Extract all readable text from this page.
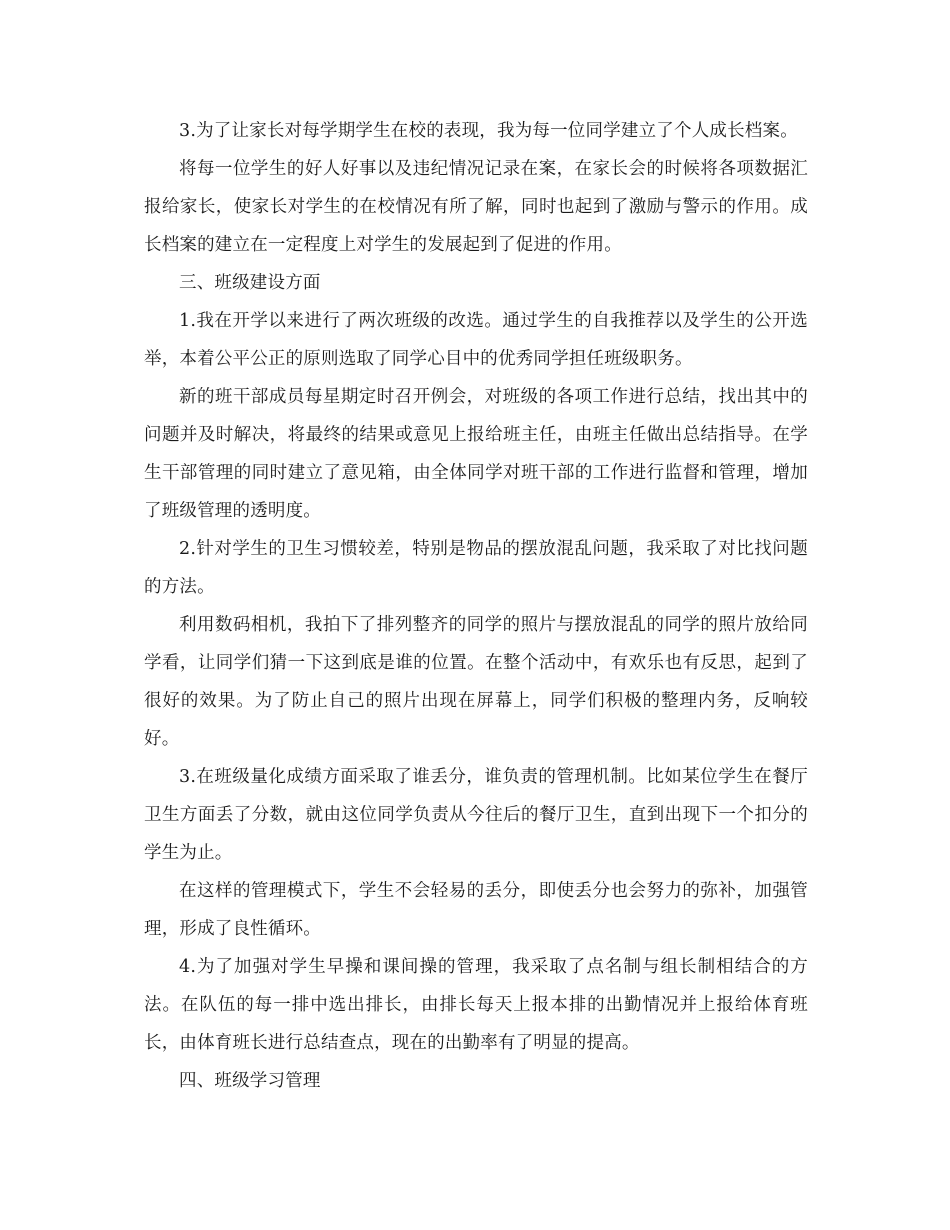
3.为了让家长对每学期学生在校的表现，我为每一位同学建立了个人成长档案。

将每一位学生的好人好事以及违纪情况记录在案，在家长会的时候将各项数据汇报给家长，使家长对学生的在校情况有所了解，同时也起到了激励与警示的作用。成长档案的建立在一定程度上对学生的发展起到了促进的作用。

三、班级建设方面

1.我在开学以来进行了两次班级的改选。通过学生的自我推荐以及学生的公开选举，本着公平公正的原则选取了同学心目中的优秀同学担任班级职务。

新的班干部成员每星期定时召开例会，对班级的各项工作进行总结，找出其中的问题并及时解决，将最终的结果或意见上报给班主任，由班主任做出总结指导。在学生干部管理的同时建立了意见箱，由全体同学对班干部的工作进行监督和管理，增加了班级管理的透明度。

2.针对学生的卫生习惯较差，特别是物品的摆放混乱问题，我采取了对比找问题的方法。

利用数码相机，我拍下了排列整齐的同学的照片与摆放混乱的同学的照片放给同学看，让同学们猜一下这到底是谁的位置。在整个活动中，有欢乐也有反思，起到了很好的效果。为了防止自己的照片出现在屏幕上，同学们积极的整理内务，反响较好。

3.在班级量化成绩方面采取了谁丢分，谁负责的管理机制。比如某位学生在餐厅卫生方面丢了分数，就由这位同学负责从今往后的餐厅卫生，直到出现下一个扣分的学生为止。

在这样的管理模式下，学生不会轻易的丢分，即使丢分也会努力的弥补，加强管理，形成了良性循环。

4.为了加强对学生早操和课间操的管理，我采取了点名制与组长制相结合的方法。在队伍的每一排中选出排长，由排长每天上报本排的出勤情况并上报给体育班长，由体育班长进行总结查点，现在的出勤率有了明显的提高。

四、班级学习管理
